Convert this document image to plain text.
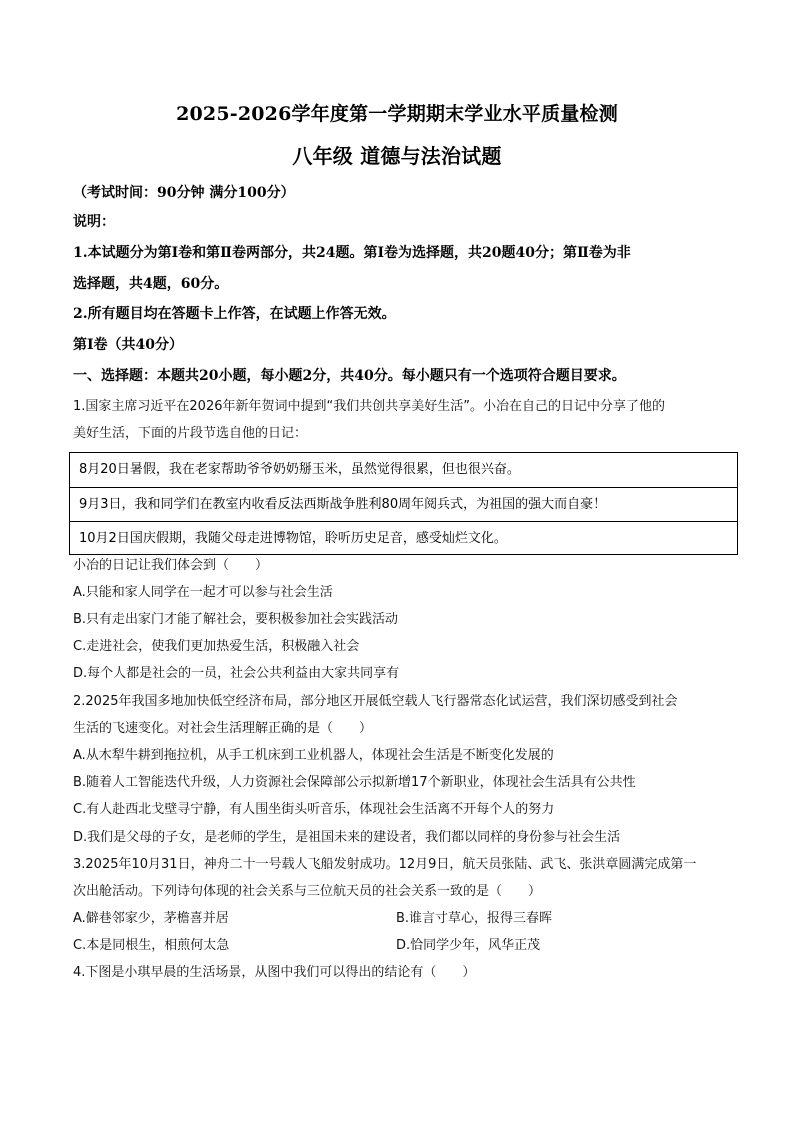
2025-2026学年度第一学期期末学业水平质量检测
八年级 道德与法治试题
（考试时间：90分钟 满分100分）
说明：
1.本试题分为第Ⅰ卷和第Ⅱ卷两部分，共24题。第Ⅰ卷为选择题，共20题40分；第Ⅱ卷为非
选择题，共4题，60分。
2.所有题目均在答题卡上作答，在试题上作答无效。
第Ⅰ卷（共40分）
一、选择题：本题共20小题，每小题2分，共40分。每小题只有一个选项符合题目要求。
1.国家主席习近平在2026年新年贺词中提到“我们共创共享美好生活”。小冶在自己的日记中分享了他的
美好生活，下面的片段节选自他的日记：
8月20日暑假，我在老家帮助爷爷奶奶掰玉米，虽然觉得很累，但也很兴奋。
9月3日，我和同学们在教室内收看反法西斯战争胜利80周年阅兵式，为祖国的强大而自豪！
10月2日国庆假期，我随父母走进博物馆，聆听历史足音，感受灿烂文化。
小冶的日记让我们体会到（　　）
A.只能和家人同学在一起才可以参与社会生活
B.只有走出家门才能了解社会，要积极参加社会实践活动
C.走进社会，使我们更加热爱生活，积极融入社会
D.每个人都是社会的一员，社会公共利益由大家共同享有
2.2025年我国多地加快低空经济布局，部分地区开展低空载人飞行器常态化试运营，我们深切感受到社会
生活的飞速变化。对社会生活理解正确的是（　　）
A.从木犁牛耕到拖拉机，从手工机床到工业机器人，体现社会生活是不断变化发展的
B.随着人工智能迭代升级，人力资源社会保障部公示拟新增17个新职业，体现社会生活具有公共性
C.有人赴西北戈壁寻宁静，有人围坐街头听音乐，体现社会生活离不开每个人的努力
D.我们是父母的子女，是老师的学生，是祖国未来的建设者，我们都以同样的身份参与社会生活
3.2025年10月31日，神舟二十一号载人飞船发射成功。12月9日，航天员张陆、武飞、张洪章圆满完成第一
次出舱活动。下列诗句体现的社会关系与三位航天员的社会关系一致的是（　　）
A.僻巷邻家少，茅檐喜并居	B.谁言寸草心，报得三春晖
C.本是同根生，相煎何太急	D.恰同学少年，风华正茂
4.下图是小琪早晨的生活场景，从图中我们可以得出的结论有（　　）
